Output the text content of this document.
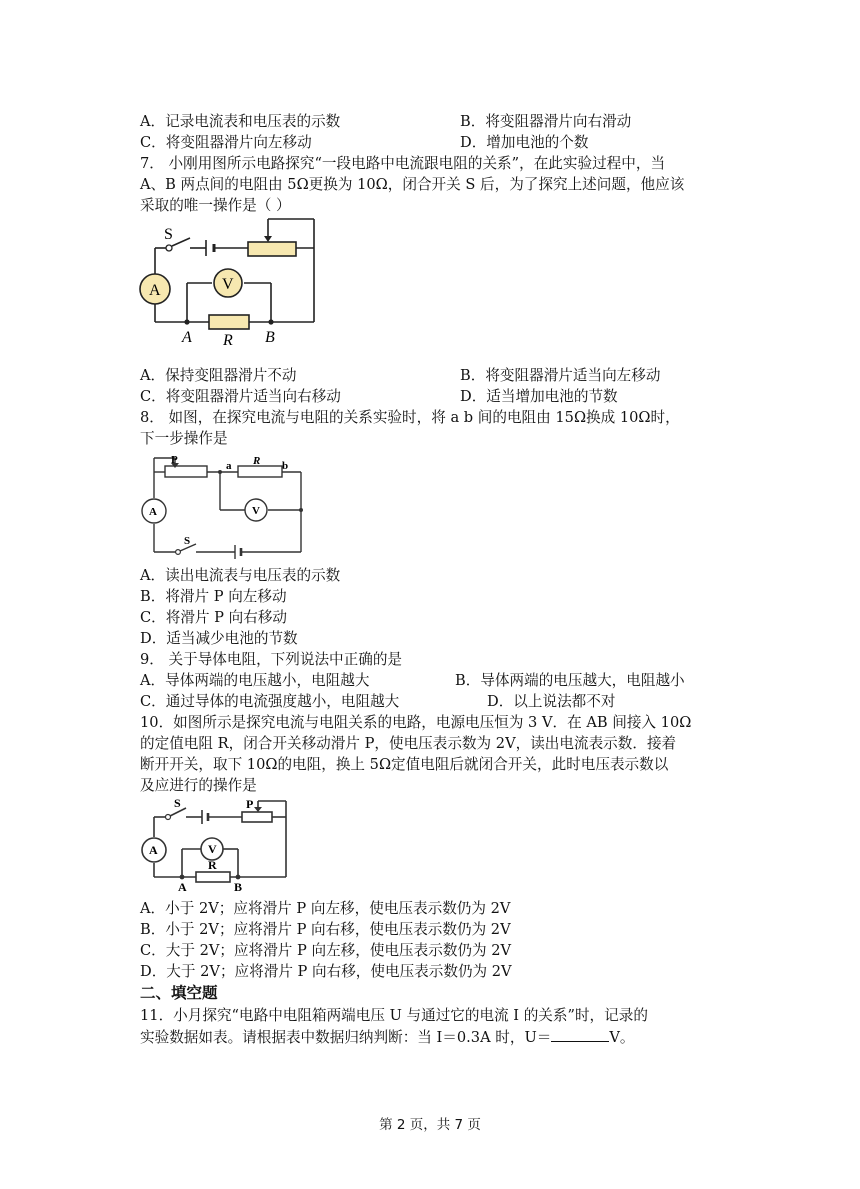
A．记录电流表和电压表的示数	B．将变阻器滑片向右滑动
C．将变阻器滑片向左移动	D．增加电池的个数
7． 小刚用图所示电路探究“一段电路中电流跟电阻的关系”，在此实验过程中，当
A、B 两点间的电阻由 5Ω更换为 10Ω，闭合开关 S 后，为了探究上述问题，他应该
采取的唯一操作是（ ）
S
A	V
A R B
A．保持变阻器滑片不动	B．将变阻器滑片适当向左移动
C．将变阻器滑片适当向右移动	D．适当增加电池的节数
8． 如图，在探究电流与电阻的关系实验时，将 a b 间的电阻由 15Ω换成 10Ω时，
下一步操作是
P	a R b
A	V
S
A．读出电流表与电压表的示数
B．将滑片 P 向左移动
C．将滑片 P 向右移动
D．适当减少电池的节数
9． 关于导体电阻，下列说法中正确的是
A．导体两端的电压越小，电阻越大	B．导体两端的电压越大，电阻越小
C．通过导体的电流强度越小，电阻越大	D．以上说法都不对
10．如图所示是探究电流与电阻关系的电路，电源电压恒为 3 V．在 AB 间接入 10Ω
的定值电阻 R，闭合开关移动滑片 P，使电压表示数为 2V，读出电流表示数．接着
断开开关，取下 10Ω的电阻，换上 5Ω定值电阻后就闭合开关，此时电压表示数以
及应进行的操作是
S	P
A	V
R
A	B
A．小于 2V；应将滑片 P 向左移，使电压表示数仍为 2V
B．小于 2V；应将滑片 P 向右移，使电压表示数仍为 2V
C．大于 2V；应将滑片 P 向左移，使电压表示数仍为 2V
D．大于 2V；应将滑片 P 向右移，使电压表示数仍为 2V
二、填空题
11．小月探究“电路中电阻箱两端电压 U 与通过它的电流 I 的关系”时，记录的
实验数据如表。请根据表中数据归纳判断：当 I＝0.3A 时，U＝	V。
第 2 页，共 7 页
